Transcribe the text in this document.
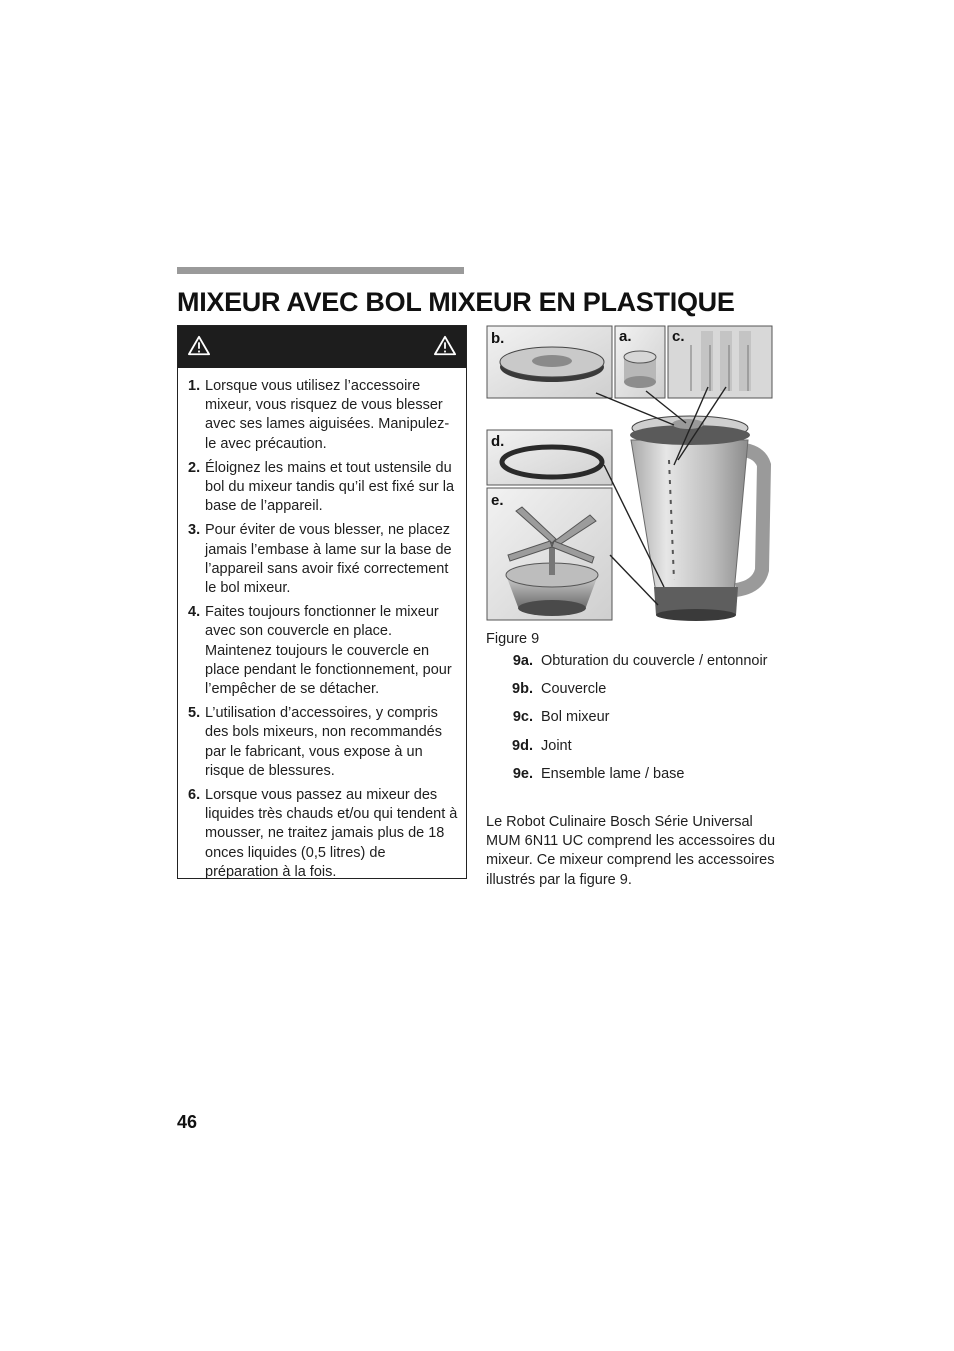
MIXEUR AVEC BOL MIXEUR EN PLASTIQUE
1. Lorsque vous utilisez l’accessoire mixeur, vous risquez de vous blesser avec ses lames aiguisées. Manipulez-le avec précaution.
2. Éloignez les mains et tout ustensile du bol du mixeur tandis qu’il est fixé sur la base de l’appareil.
3. Pour éviter de vous blesser, ne placez jamais l’embase à lame sur la base de l’appareil sans avoir fixé correctement le bol mixeur.
4. Faites toujours fonctionner le mixeur avec son couvercle en place. Maintenez toujours le couvercle en place pendant le fonctionnement, pour l’empêcher de se détacher.
5. L’utilisation d’accessoires, y compris des bols mixeurs, non recommandés par le fabricant, vous expose à un risque de blessures.
6. Lorsque vous passez au mixeur des liquides très chauds et/ou qui tendent à mousser, ne traitez jamais plus de 18 onces liquides (0,5 litres) de préparation à la fois.
b.	a.	c.
d.
e.

Figure 9

9a. Obturation du couvercle / entonnoir
9b. Couvercle
9c. Bol mixeur
9d. Joint
9e. Ensemble lame / base

Le Robot Culinaire Bosch Série Universal MUM 6N11 UC comprend les accessoires du mixeur. Ce mixeur comprend les accessoires illustrés par la figure 9.

46
